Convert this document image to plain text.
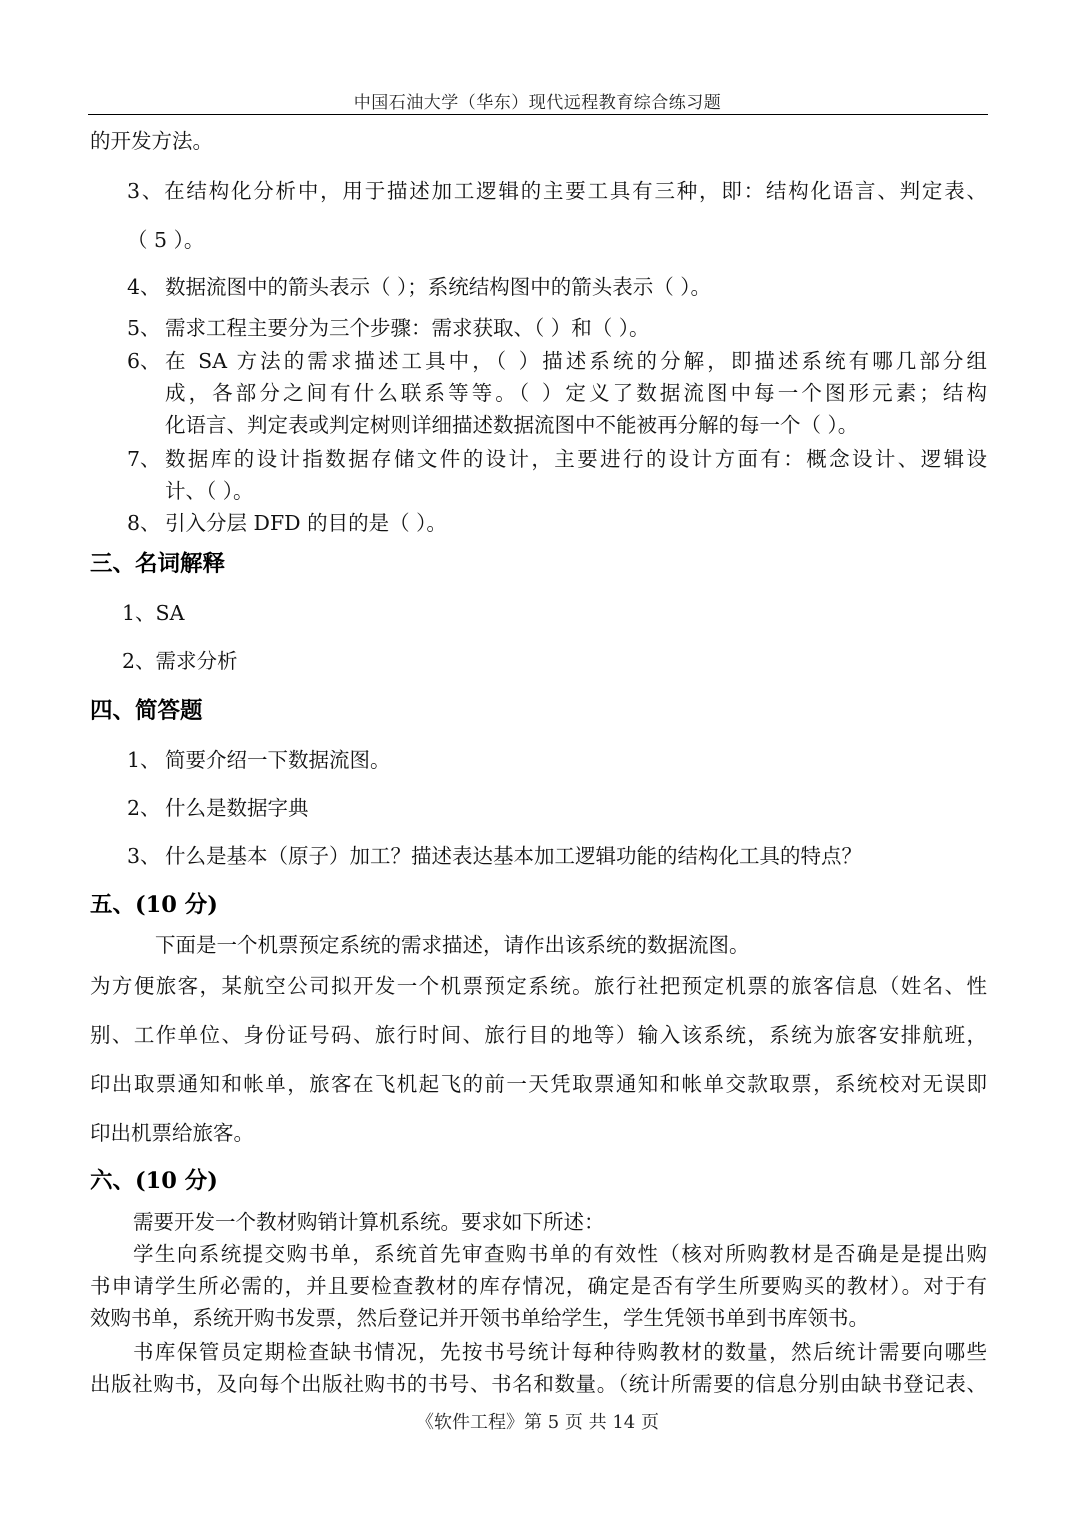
中国石油大学（华东）现代远程教育综合练习题
的开发方法。
3、在结构化分析中，用于描述加工逻辑的主要工具有三种，即：结构化语言、判定表、
（ 5 ）。
4、 数据流图中的箭头表示（ ）；系统结构图中的箭头表示（ ）。
5、 需求工程主要分为三个步骤：需求获取、（ ）和（ ）。
6、 在 SA 方法的需求描述工具中，（ ）描述系统的分解，即描述系统有哪几部分组
成，各部分之间有什么联系等等。（ ）定义了数据流图中每一个图形元素；结构
化语言、判定表或判定树则详细描述数据流图中不能被再分解的每一个（ ）。
7、 数据库的设计指数据存储文件的设计，主要进行的设计方面有：概念设计、逻辑设
计、（ ）。
8、 引入分层 DFD 的目的是（ ）。
三、名词解释
1、SA
2、需求分析
四、简答题
1、 简要介绍一下数据流图。
2、 什么是数据字典
3、 什么是基本（原子）加工？描述表达基本加工逻辑功能的结构化工具的特点？
五、(10 分)
下面是一个机票预定系统的需求描述，请作出该系统的数据流图。
为方便旅客，某航空公司拟开发一个机票预定系统。旅行社把预定机票的旅客信息（姓名、性
别、工作单位、身份证号码、旅行时间、旅行目的地等）输入该系统，系统为旅客安排航班，
印出取票通知和帐单，旅客在飞机起飞的前一天凭取票通知和帐单交款取票，系统校对无误即
印出机票给旅客。
六、(10 分)
需要开发一个教材购销计算机系统。要求如下所述：
学生向系统提交购书单，系统首先审查购书单的有效性（核对所购教材是否确是是提出购
书申请学生所必需的，并且要检查教材的库存情况，确定是否有学生所要购买的教材）。对于有
效购书单，系统开购书发票，然后登记并开领书单给学生，学生凭领书单到书库领书。
书库保管员定期检查缺书情况，先按书号统计每种待购教材的数量，然后统计需要向哪些
出版社购书，及向每个出版社购书的书号、书名和数量。（统计所需要的信息分别由缺书登记表、
《软件工程》第 5 页 共 14 页
